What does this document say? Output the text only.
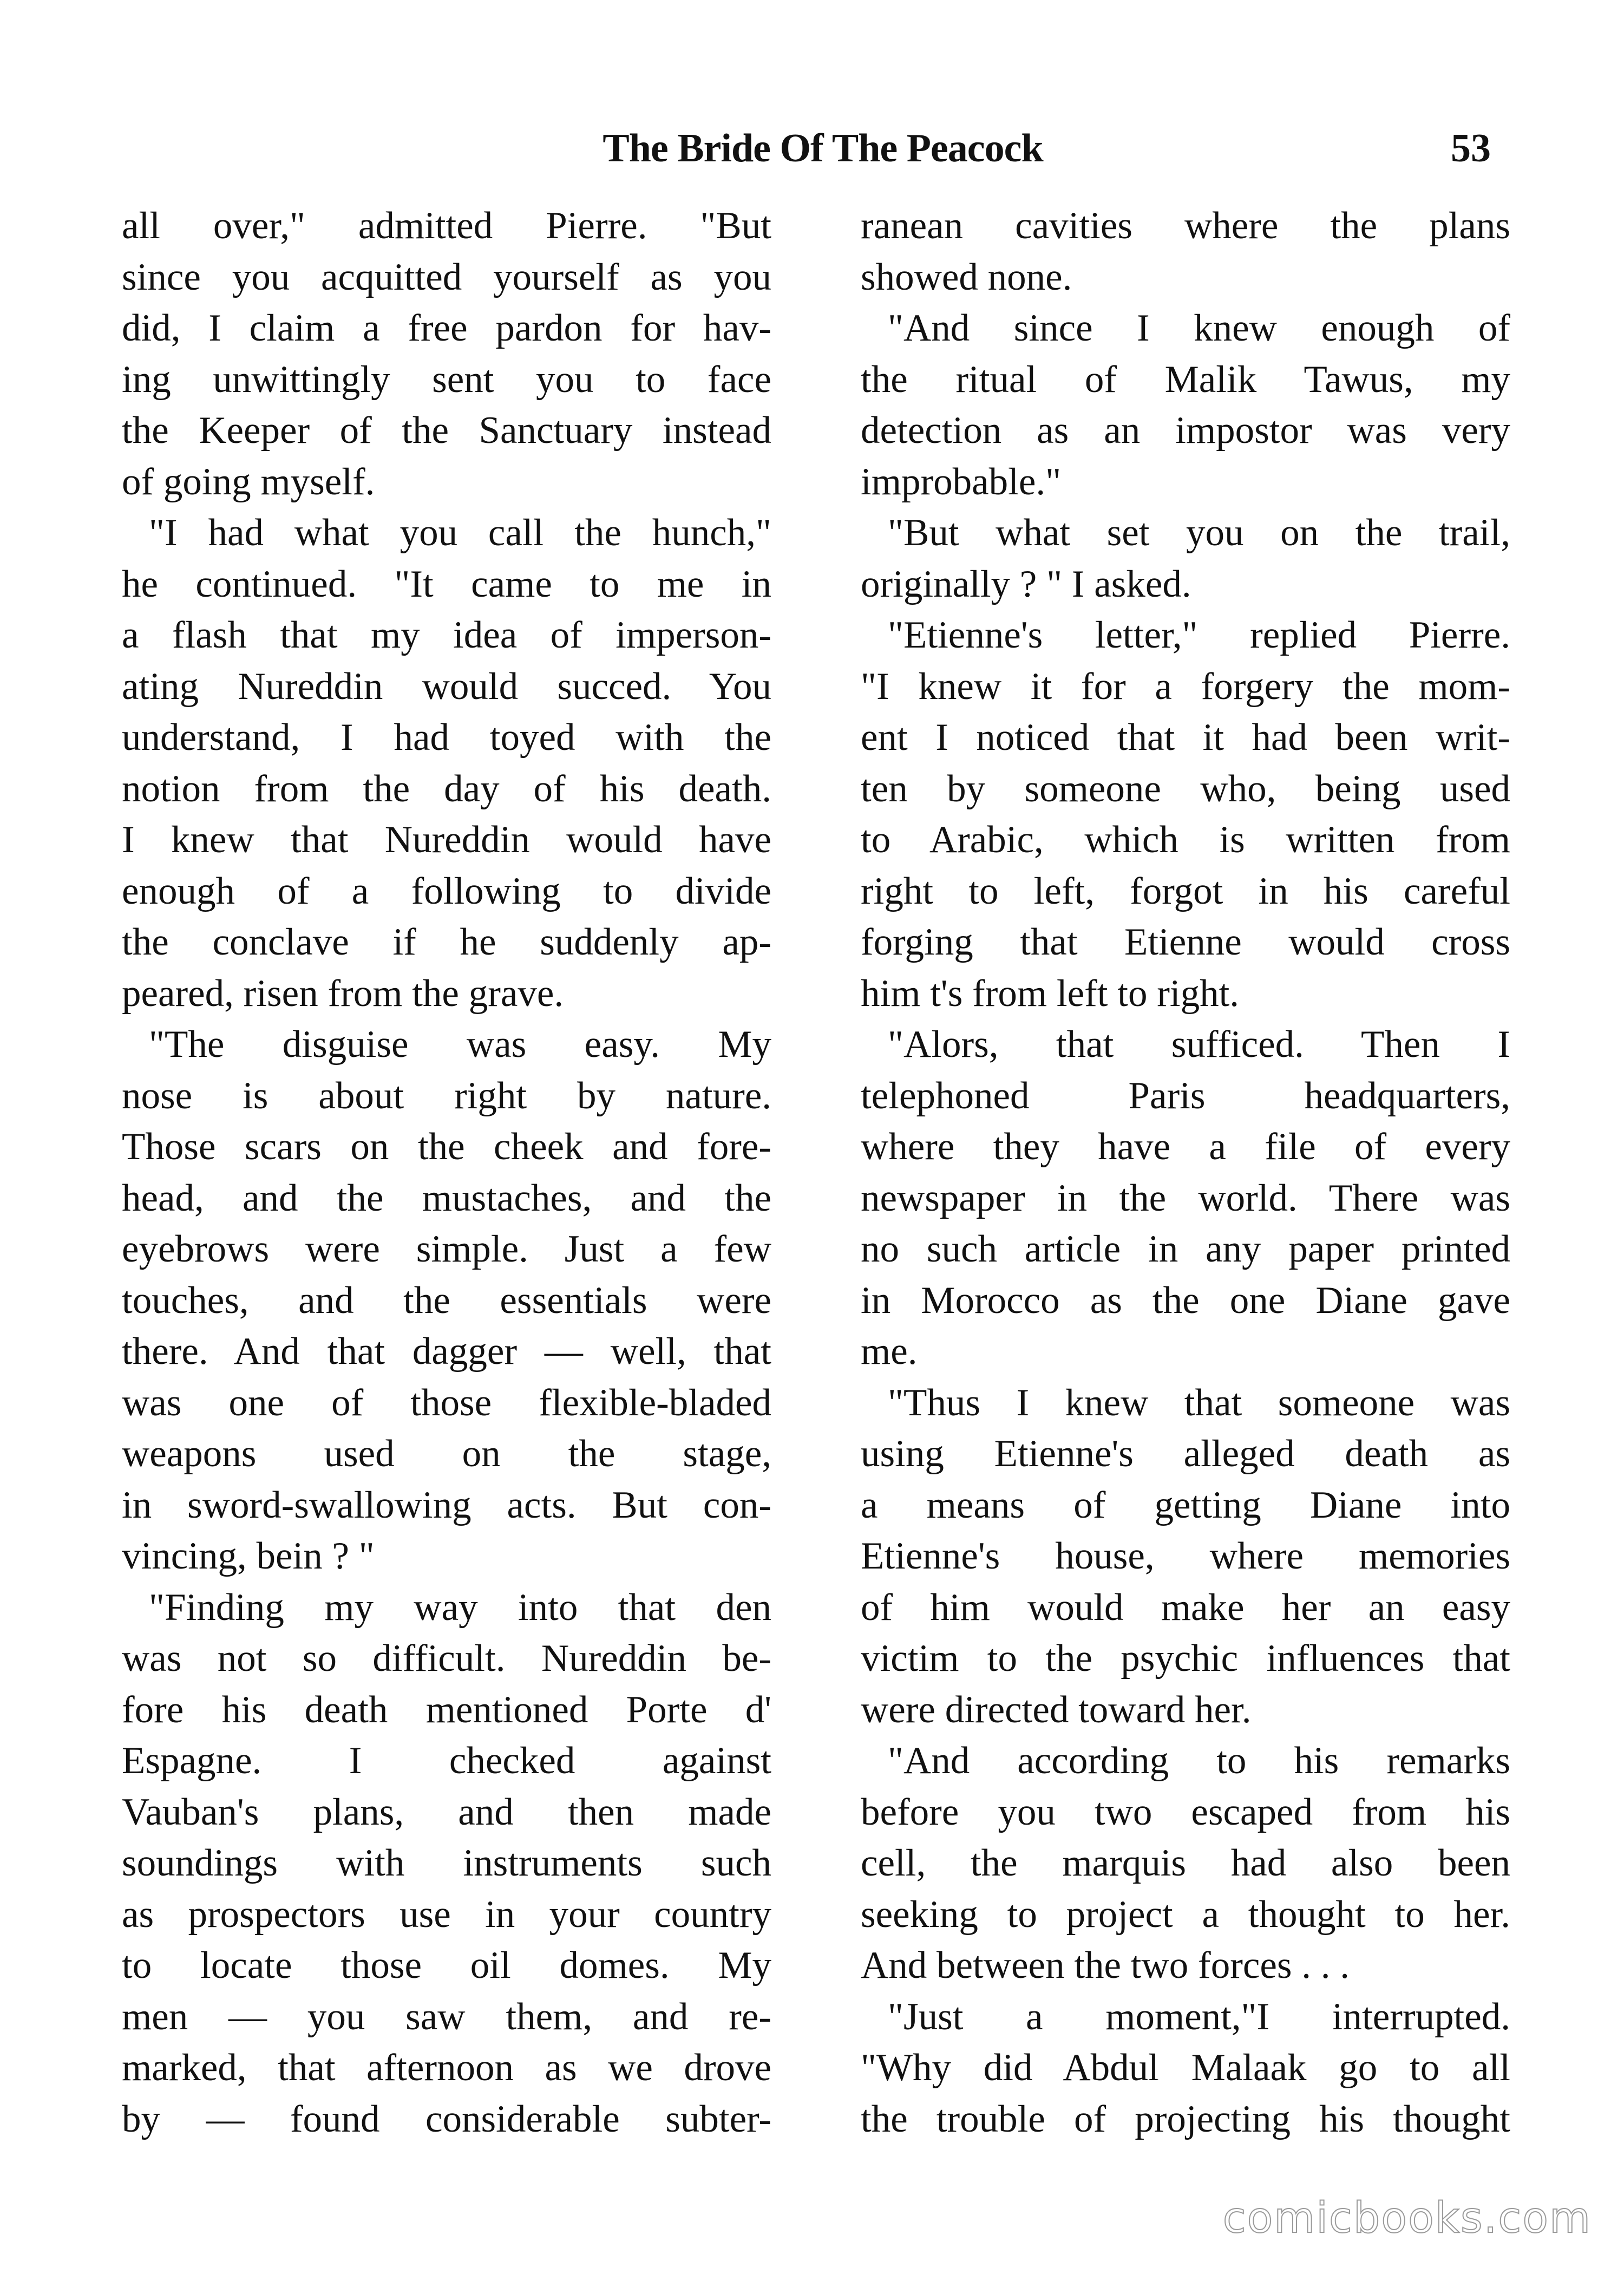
The Bride Of The Peacock	53
all over," admitted Pierre. "But
since you acquitted yourself as you
did, I claim a free pardon for hav-
ing unwittingly sent you to face
the Keeper of the Sanctuary instead
of going myself.
"I had what you call the hunch,"
he continued. "It came to me in
a flash that my idea of imperson-
ating Nureddin would succed. You
understand, I had toyed with the
notion from the day of his death.
I knew that Nureddin would have
enough of a following to divide
the conclave if he suddenly ap-
peared, risen from the grave.
"The disguise was easy. My
nose is about right by nature.
Those scars on the cheek and fore-
head, and the mustaches, and the
eyebrows were simple. Just a few
touches, and the essentials were
there. And that dagger — well, that
was one of those flexible-bladed
weapons used on the stage,
in sword-swallowing acts. But con-
vincing, bein ? "
"Finding my way into that den
was not so difficult. Nureddin be-
fore his death mentioned Porte d'
Espagne. I checked against
Vauban's plans, and then made
soundings with instruments such
as prospectors use in your country
to locate those oil domes. My
men — you saw them, and re-
marked, that afternoon as we drove
by — found considerable subter-
ranean cavities where the plans
showed none.
"And since I knew enough of
the ritual of Malik Tawus, my
detection as an impostor was very
improbable."
"But what set you on the trail,
originally ? " I asked.
"Etienne's letter," replied Pierre.
"I knew it for a forgery the mom-
ent I noticed that it had been writ-
ten by someone who, being used
to Arabic, which is written from
right to left, forgot in his careful
forging that Etienne would cross
him t's from left to right.
"Alors, that sufficed. Then I
telephoned Paris headquarters,
where they have a file of every
newspaper in the world. There was
no such article in any paper printed
in Morocco as the one Diane gave
me.
"Thus I knew that someone was
using Etienne's alleged death as
a means of getting Diane into
Etienne's house, where memories
of him would make her an easy
victim to the psychic influences that
were directed toward her.
"And according to his remarks
before you two escaped from his
cell, the marquis had also been
seeking to project a thought to her.
And between the two forces . . .
"Just a moment,"I interrupted.
"Why did Abdul Malaak go to all
the trouble of projecting his thought
comicbooks.com
